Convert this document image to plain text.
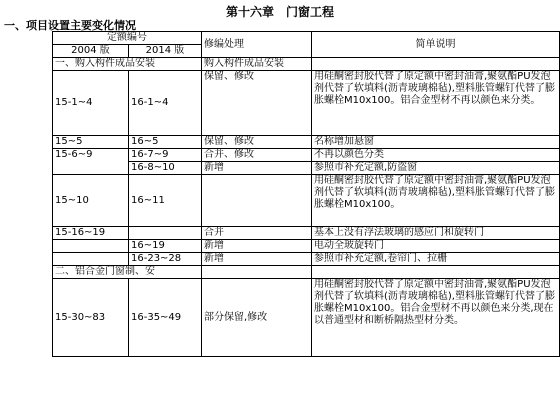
第十六章　门窗工程
一、项目设置主要变化情况
定额编号		修编处理	简单说明
2004 版	2014 版		
一、购入构件成品安装		购入构件成品安装	
15-1~4	16-1~4	保留、修改	用硅酮密封胶代替了原定额中密封油膏,聚氨酯PU发泡剂代替了软填料(沥青玻璃棉毡),塑料胀管螺钉代替了膨胀螺栓M10x100。铝合金型材不再以颜色来分类。
15~5	16~5	保留、修改	名称增加悬窗
15-6~9	16-7~9	合并、修改	不再以颜色分类
	16-8~10	新增	参照市补充定额,防盗窗
15~10	16~11		用硅酮密封胶代替了原定额中密封油膏,聚氨酯PU发泡剂代替了软填料(沥青玻璃棉毡),塑料胀管螺钉代替了膨胀螺栓M10x100。
15-16~19		合并	基本上没有浮法玻璃的感应门和旋转门
	16~19	新增	电动全玻旋转门
	16-23~28	新增	参照市补充定额,卷帘门、拉栅
二、铝合金门窗制、安			
15-30~83	16-35~49	部分保留,修改	用硅酮密封胶代替了原定额中密封油膏,聚氨酯PU发泡剂代替了软填料(沥青玻璃棉毡),塑料胀管螺钉代替了膨胀螺栓M10x100。铝合金型材不再以颜色来分类,现在以普通型材和断桥隔热型材分类。
